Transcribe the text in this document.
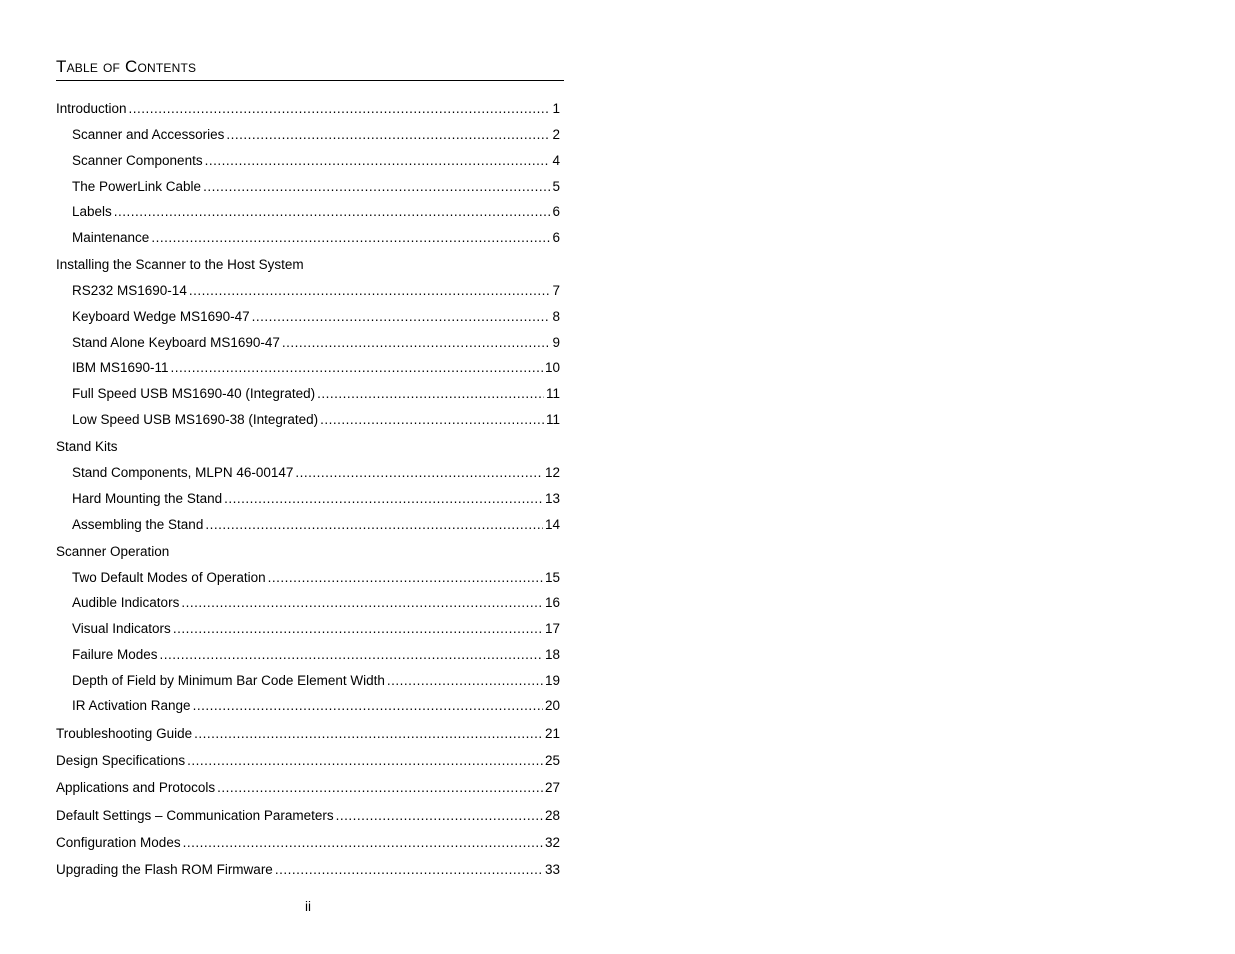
Table of Contents
Introduction .....	1
Scanner and Accessories .....	2
Scanner Components .....	4
The PowerLink Cable .....	5
Labels .....	6
Maintenance .....	6
Installing the Scanner to the Host System
RS232 MS1690-14 .....	7
Keyboard Wedge MS1690-47 .....	8
Stand Alone Keyboard MS1690-47 .....	9
IBM MS1690-11 .....	10
Full Speed USB MS1690-40 (Integrated) .....	11
Low Speed USB MS1690-38 (Integrated) .....	11
Stand Kits
Stand Components, MLPN 46-00147 .....	12
Hard Mounting the Stand .....	13
Assembling the Stand .....	14
Scanner Operation
Two Default Modes of Operation .....	15
Audible Indicators .....	16
Visual Indicators .....	17
Failure Modes .....	18
Depth of Field by Minimum Bar Code Element Width .....	19
IR Activation Range .....	20
Troubleshooting Guide .....	21
Design Specifications .....	25
Applications and Protocols .....	27
Default Settings – Communication Parameters .....	28
Configuration Modes .....	32
Upgrading the Flash ROM Firmware .....	33
ii
